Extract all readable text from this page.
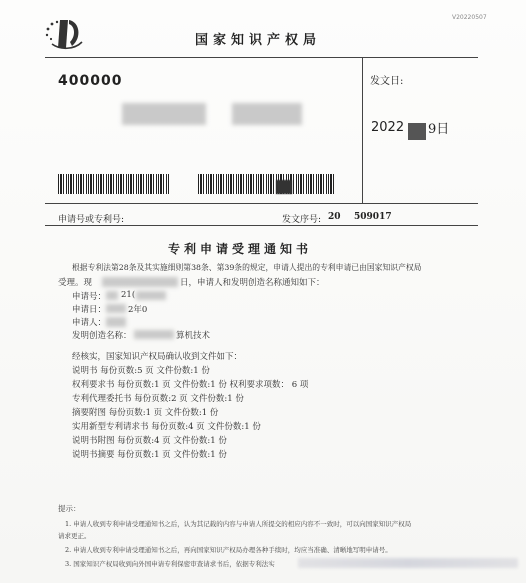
V20220507
国家知识产权局
400000	发文日:
2022 9日
申请号或专利号:	发文序号: 20  509017
专利申请受理通知书
根据专利法第28条及其实施细则第38条、第39条的规定，申请人提出的专利申请已由国家知识产权局
受理。现	日，申请人和发明创造名称通知如下：
申请号： 21(
申请日：	2年0
申请人：
发明创造名称：	算机技术
经核实，国家知识产权局确认收到文件如下：
说明书 每份页数:5 页 文件份数:1 份
权利要求书 每份页数:1 页 文件份数:1 份 权利要求项数： 6 项
专利代理委托书 每份页数:2 页 文件份数:1 份
摘要附图 每份页数:1 页 文件份数:1 份
实用新型专利请求书 每份页数:4 页 文件份数:1 份
说明书附图 每份页数:4 页 文件份数:1 份
说明书摘要 每份页数:1 页 文件份数:1 份
提示：
1. 申请人收到专利申请受理通知书之后，认为其记载的内容与申请人所提交的相应内容不一致时，可以向国家知识产权局
请求更正。
2. 申请人收到专利申请受理通知书之后，再向国家知识产权局办理各种手续时，均应当准确、清晰地写明申请号。
3. 国家知识产权局收到向外国申请专利保密审查请求书后，依据专利法实
